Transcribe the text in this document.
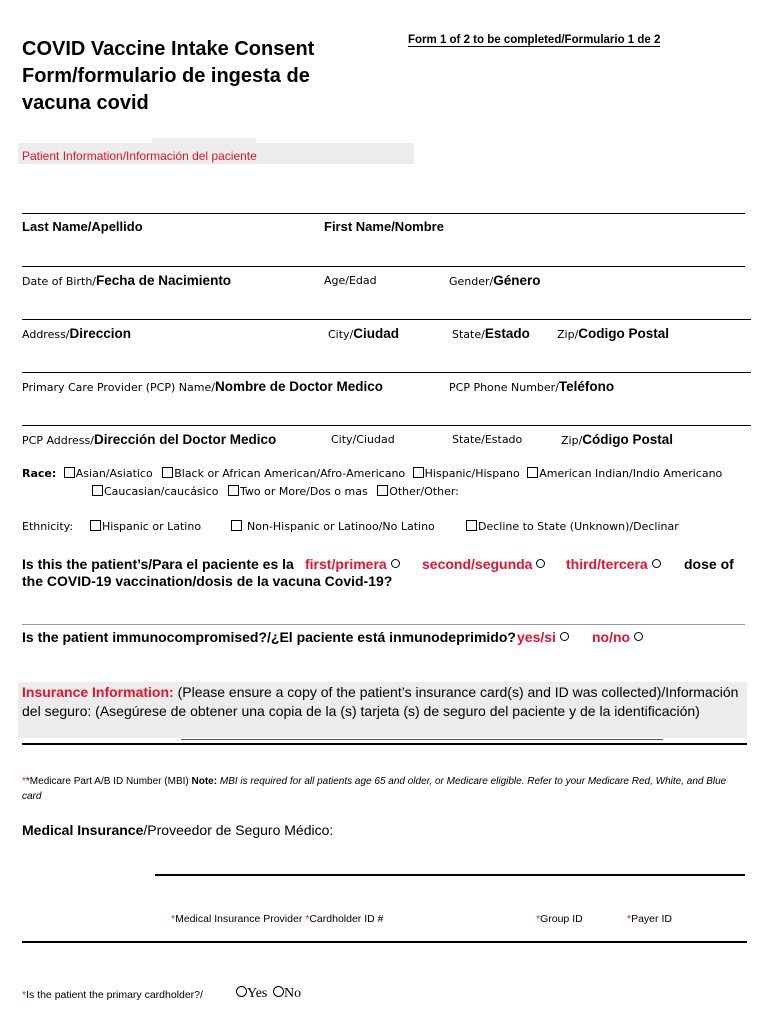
COVID Vaccine Intake Consent Form/formulario de ingesta de vacuna covid
Form 1 of 2 to be completed/Formulario 1 de 2
Patient Information/Información del paciente
Last Name/Apellido	First Name/Nombre
Date of Birth/Fecha de Nacimiento	Age/Edad	Gender/Género
Address/Direccion	City/Ciudad	State/Estado Zip/Codigo Postal
Primary Care Provider (PCP) Name/Nombre de Doctor Medico	PCP Phone Number/Teléfono
PCP Address/Dirección del Doctor Medico	City/Ciudad	State/Estado	Zip/Código Postal
Race: Asian/Asiatico Black or African American/Afro-Americano Hispanic/Hispano American Indian/Indio Americano
Caucasian/caucásico Two or More/Dos o mas Other/Other:
Ethnicity:	Hispanic or Latino	Non-Hispanic or Latinoo/No Latino	Decline to State (Unknown)/Declinar
Is this the patient’s/Para el paciente es la first/primera	second/segunda	third/tercera	dose of
the COVID-19 vaccination/dosis de la vacuna Covid-19?
Is the patient immunocompromised?/¿El paciente está inmunodeprimido? yes/si	no/no
Insurance Information: (Please ensure a copy of the patient’s insurance card(s) and ID was collected)/Información del seguro: (Asegúrese de obtener una copia de la (s) tarjeta (s) de seguro del paciente y de la identificación)
**Medicare Part A/B ID Number (MBI) Note: MBI is required for all patients age 65 and older, or Medicare eligible. Refer to your Medicare Red, White, and Blue card
Medical Insurance/Proveedor de Seguro Médico:
*Medical Insurance Provider *Cardholder ID #	*Group ID	*Payer ID
*Is the patient the primary cardholder?/	Yes	No
